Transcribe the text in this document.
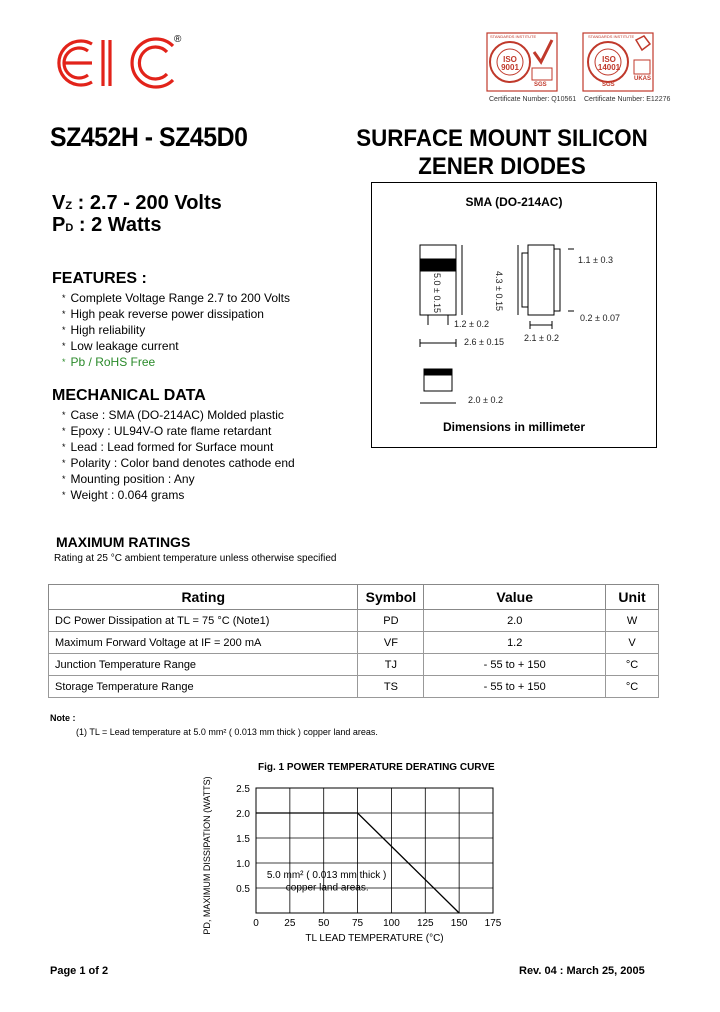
®
ISO 9001
SGS
STANDARDS INSTITUTE
Certificate Number: Q10561
ISO 14001
SGS
UKAS
STANDARDS INSTITUTE
Certificate Number: E12276
SZ452H - SZ45D0	SURFACE MOUNT SILICON
ZENER DIODES
VZ : 2.7 - 200 Volts
PD : 2 Watts
FEATURES :
* Complete Voltage Range 2.7 to 200 Volts
* High peak reverse power dissipation
* High reliability
* Low leakage current
* Pb / RoHS Free
MECHANICAL DATA
* Case : SMA (DO-214AC) Molded plastic
* Epoxy : UL94V-O rate flame retardant
* Lead : Lead formed for Surface mount
* Polarity : Color band denotes cathode end
* Mounting position : Any
* Weight : 0.064 grams
SMA (DO-214AC)
5.0 ± 0.15
1.2 ± 0.2
2.6 ± 0.15
4.3 ± 0.15
2.1 ± 0.2
0.2 ± 0.07
1.1 ± 0.3
2.0 ± 0.2
Dimensions in millimeter
MAXIMUM RATINGS
Rating at 25 °C ambient temperature unless otherwise specified
Rating	Symbol	Value	Unit
DC Power Dissipation at TL = 75 °C (Note1)	PD	2.0	W
Maximum Forward Voltage at IF = 200 mA	VF	1.2	V
Junction Temperature Range	TJ	- 55 to + 150	°C
Storage Temperature Range	TS	- 55 to + 150	°C
Note :
(1) TL = Lead temperature at 5.0 mm² ( 0.013 mm thick ) copper land areas.
Fig. 1 POWER TEMPERATURE DERATING CURVE
0	25 50 75 100 125 150 175
0.5
1.0
1.5
2.0
2.5
5.0 mm² ( 0.013 mm thick )
copper land areas.
TL LEAD TEMPERATURE (°C)
PD, MAXIMUM DISSIPATION (WATTS)
Page 1 of 2	Rev. 04 : March 25, 2005
